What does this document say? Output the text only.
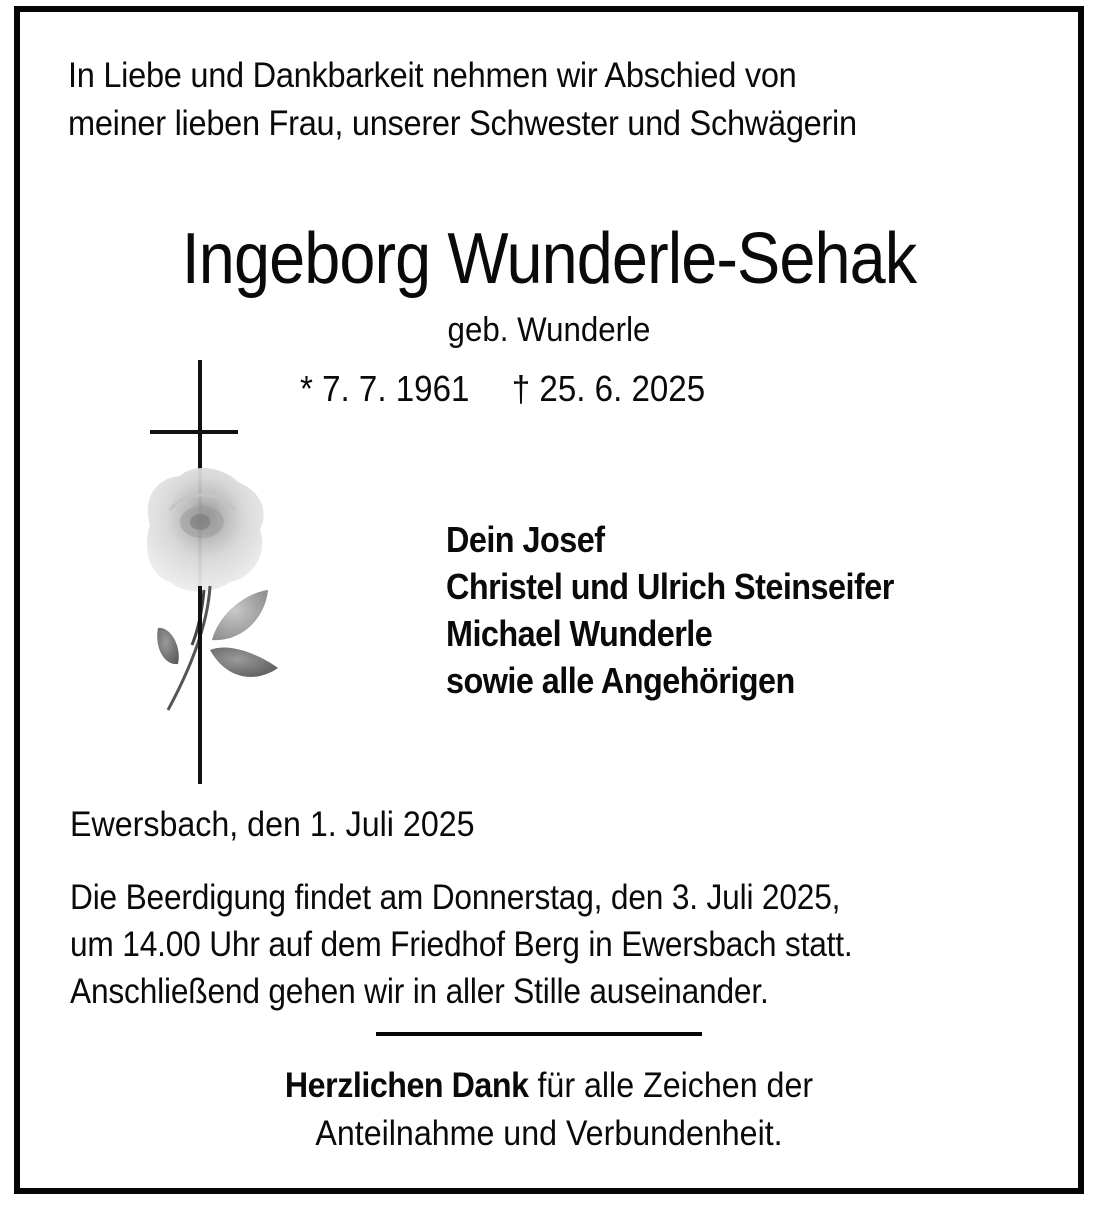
In Liebe und Dankbarkeit nehmen wir Abschied von
meiner lieben Frau, unserer Schwester und Schwägerin
Ingeborg Wunderle-Sehak
geb. Wunderle
* 7. 7. 1961 † 25. 6. 2025
Dein Josef
Christel und Ulrich Steinseifer
Michael Wunderle
sowie alle Angehörigen
Ewersbach, den 1. Juli 2025
Die Beerdigung findet am Donnerstag, den 3. Juli 2025,
um 14.00 Uhr auf dem Friedhof Berg in Ewersbach statt.
Anschließend gehen wir in aller Stille auseinander.
Herzlichen Dank für alle Zeichen der
Anteilnahme und Verbundenheit.
